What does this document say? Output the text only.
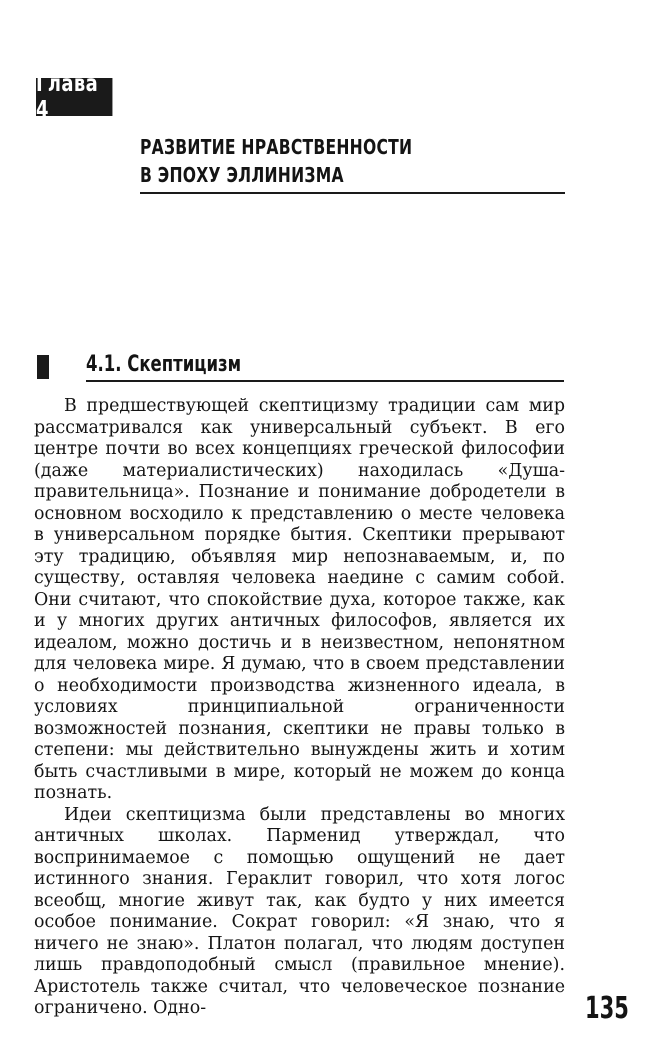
Глава 4
РАЗВИТИЕ НРАВСТВЕННОСТИ
В ЭПОХУ ЭЛЛИНИЗМА
4.1. Скептицизм

В предшествующей скептицизму традиции сам мир рассматривался как универсальный субъект. В его центре почти во всех концепциях греческой философии (даже материалистических) находилась «Душа-правительница». Познание и понимание добродетели в основном восходило к представлению о месте человека в универсальном порядке бытия. Скептики прерывают эту традицию, объявляя мир непознаваемым, и, по существу, оставляя человека наедине с самим собой. Они считают, что спокойствие духа, которое также, как и у многих других античных философов, является их идеалом, можно достичь и в неизвестном, непонятном для человека мире. Я думаю, что в своем представлении о необходимости производства жизненного идеала, в условиях принципиальной ограниченности возможностей познания, скептики не правы только в степени: мы действительно вынуждены жить и хотим быть счастливыми в мире, который не можем до конца познать.

Идеи скептицизма были представлены во многих античных школах. Парменид утверждал, что воспринимаемое с помощью ощущений не дает истинного знания. Гераклит говорил, что хотя логос всеобщ, многие живут так, как будто у них имеется особое понимание. Сократ говорил: «Я знаю, что я ничего не знаю». Платон полагал, что людям доступен лишь правдоподобный смысл (правильное мнение). Аристотель также считал, что человеческое познание ограничено. Одно-	135
